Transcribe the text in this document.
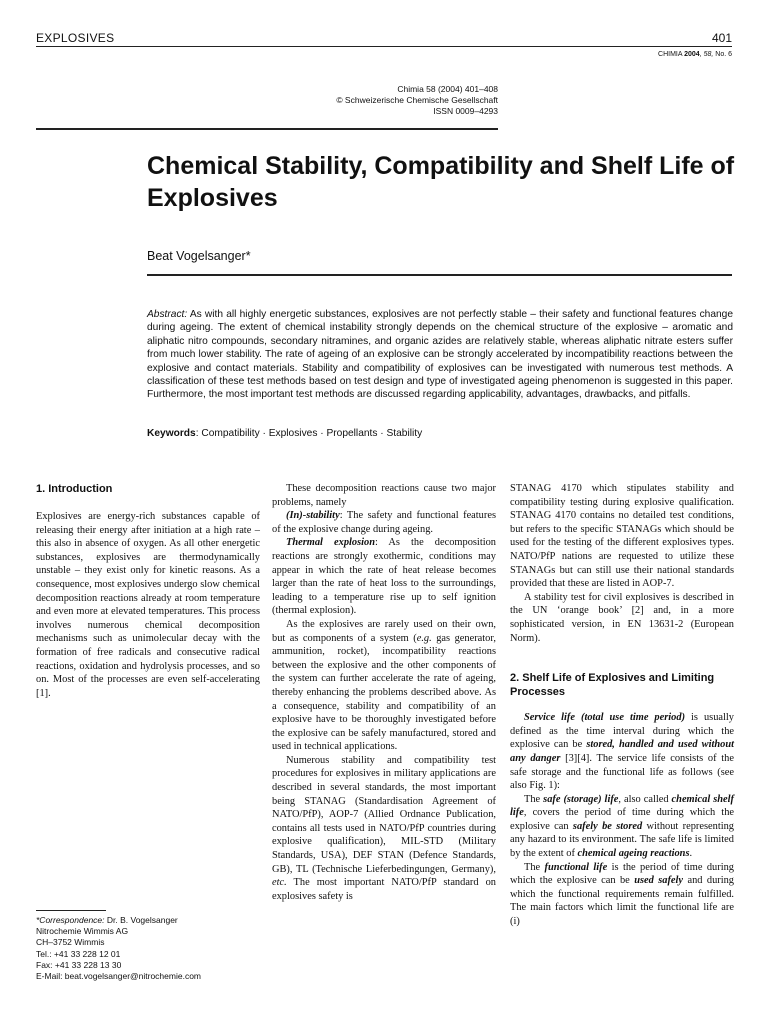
EXPLOSIVES	401
CHIMIA 2004, 58, No. 6
Chimia 58 (2004) 401–408
© Schweizerische Chemische Gesellschaft
ISSN 0009–4293
Chemical Stability, Compatibility and Shelf Life of Explosives
Beat Vogelsanger*

Abstract: As with all highly energetic substances, explosives are not perfectly stable – their safety and functional features change during ageing. The extent of chemical instability strongly depends on the chemical structure of the explosive – aromatic and aliphatic nitro compounds, secondary nitramines, and organic azides are relatively stable, whereas aliphatic nitrate esters suffer from much lower stability. The rate of ageing of an explosive can be strongly accelerated by incompatibility reactions between the explosive and contact materials. Stability and compatibility of explosives can be investigated with numerous test methods. A classification of these test methods based on test design and type of investigated ageing phenomenon is suggested in this paper. Furthermore, the most important test methods are discussed regarding applicability, advantages, drawbacks, and pitfalls.

Keywords: Compatibility · Explosives · Propellants · Stability
1. Introduction

Explosives are energy-rich substances capable of releasing their energy after initiation at a high rate – this also in absence of oxygen. As all other energetic substances, explosives are thermodynamically unstable – they exist only for kinetic reasons. As a consequence, most explosives undergo slow chemical decomposition reactions already at room temperature and even more at elevated temperatures. This process involves numerous chemical decomposition mechanisms such as unimolecular decay with the formation of free radicals and consecutive radical reactions, oxidation and hydrolysis processes, and so on. Most of the processes are even self-accelerating [1].

These decomposition reactions cause two major problems, namely

(In)-stability: The safety and functional features of the explosive change during ageing.

Thermal explosion: As the decomposition reactions are strongly exothermic, conditions may appear in which the rate of heat release becomes larger than the rate of heat loss to the surroundings, leading to a temperature rise up to self ignition (thermal explosion).

As the explosives are rarely used on their own, but as components of a system (e.g. gas generator, ammunition, rocket), incompatibility reactions between the explosive and the other components of the system can further accelerate the rate of ageing, thereby enhancing the problems described above. As a consequence, stability and compatibility of an explosive have to be thoroughly investigated before the explosive can be safely manufactured, stored and used in technical applications.

Numerous stability and compatibility test procedures for explosives in military applications are described in several standards, the most important being STANAG (Standardisation Agreement of NATO/PfP), AOP-7 (Allied Ordnance Publication, contains all tests used in NATO/PfP countries during explosive qualification), MIL-STD (Military Standards, USA), DEF STAN (Defence Standards, GB), TL (Technische Lieferbedingungen, Germany), etc. The most important NATO/PfP standard on explosives safety is

STANAG 4170 which stipulates stability and compatibility testing during explosive qualification. STANAG 4170 contains no detailed test conditions, but refers to the specific STANAGs which should be used for the testing of the different explosives types. NATO/PfP nations are requested to utilize these STANAGs but can still use their national standards provided that these are listed in AOP-7.

A stability test for civil explosives is described in the UN ‘orange book’ [2] and, in a more sophisticated version, in EN 13631-2 (European Norm).

2. Shelf Life of Explosives and Limiting Processes

Service life (total use time period) is usually defined as the time interval during which the explosive can be stored, handled and used without any danger [3][4]. The service life consists of the safe storage and the functional life as follows (see also Fig. 1):

The safe (storage) life, also called chemical shelf life, covers the period of time during which the explosive can safely be stored without representing any hazard to its environment. The safe life is limited by the extent of chemical ageing reactions.

The functional life is the period of time during which the explosive can be used safely and during which the functional requirements remain fulfilled. The main factors which limit the functional life are (i)

*Correspondence: Dr. B. Vogelsanger
Nitrochemie Wimmis AG
CH–3752 Wimmis
Tel.: +41 33 228 12 01
Fax: +41 33 228 13 30
E-Mail: beat.vogelsanger@nitrochemie.com
